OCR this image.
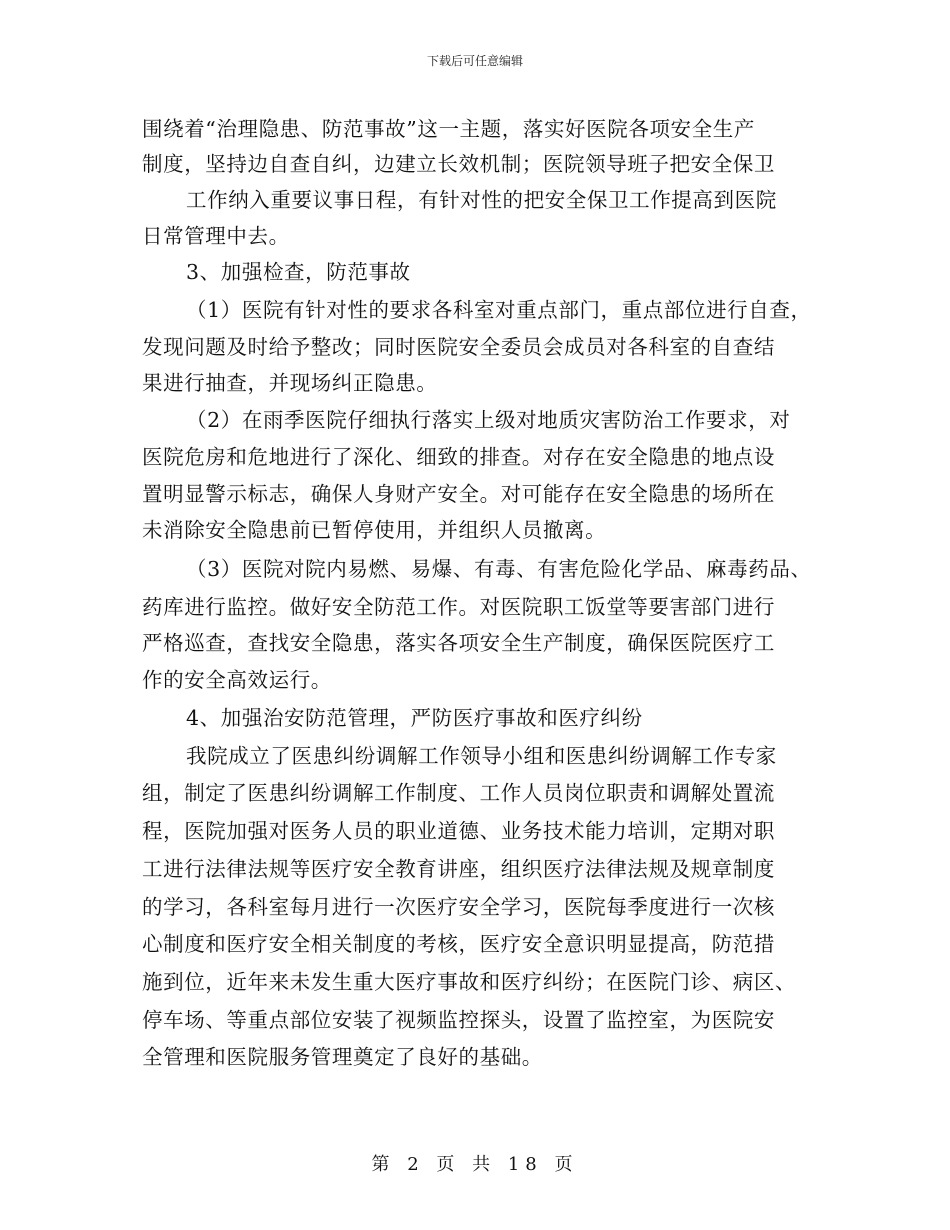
下载后可任意编辑
围绕着“治理隐患、防范事故”这一主题，落实好医院各项安全生产
制度，坚持边自查自纠，边建立长效机制；医院领导班子把安全保卫
工作纳入重要议事日程，有针对性的把安全保卫工作提高到医院
日常管理中去。
3、加强检查，防范事故
（1）医院有针对性的要求各科室对重点部门，重点部位进行自查，
发现问题及时给予整改；同时医院安全委员会成员对各科室的自查结
果进行抽查，并现场纠正隐患。
（2）在雨季医院仔细执行落实上级对地质灾害防治工作要求，对
医院危房和危地进行了深化、细致的排查。对存在安全隐患的地点设
置明显警示标志，确保人身财产安全。对可能存在安全隐患的场所在
未消除安全隐患前已暂停使用，并组织人员撤离。
（3）医院对院内易燃、易爆、有毒、有害危险化学品、麻毒药品、
药库进行监控。做好安全防范工作。对医院职工饭堂等要害部门进行
严格巡查，查找安全隐患，落实各项安全生产制度，确保医院医疗工
作的安全高效运行。
4、加强治安防范管理，严防医疗事故和医疗纠纷
我院成立了医患纠纷调解工作领导小组和医患纠纷调解工作专家
组，制定了医患纠纷调解工作制度、工作人员岗位职责和调解处置流
程，医院加强对医务人员的职业道德、业务技术能力培训，定期对职
工进行法律法规等医疗安全教育讲座，组织医疗法律法规及规章制度
的学习，各科室每月进行一次医疗安全学习，医院每季度进行一次核
心制度和医疗安全相关制度的考核，医疗安全意识明显提高，防范措
施到位，近年来未发生重大医疗事故和医疗纠纷；在医院门诊、病区、
停车场、等重点部位安装了视频监控探头，设置了监控室，为医院安
全管理和医院服务管理奠定了良好的基础。
第 2 页 共 18 页
